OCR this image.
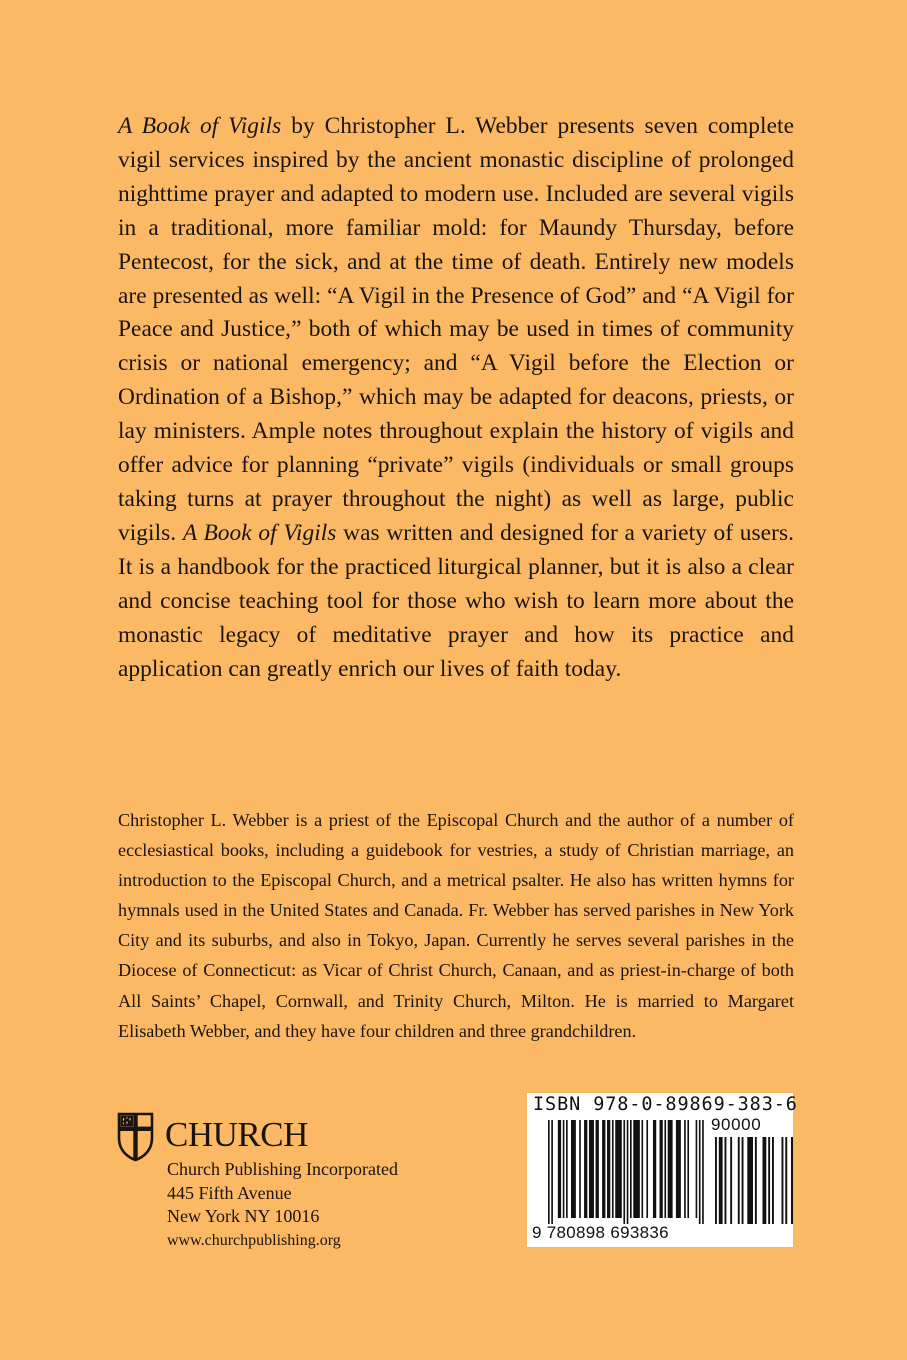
A Book of Vigils by Christopher L. Webber presents seven complete vigil services inspired by the ancient monastic discipline of prolonged nighttime prayer and adapted to modern use. Included are several vigils in a traditional, more familiar mold: for Maundy Thursday, before Pentecost, for the sick, and at the time of death. Entirely new models are presented as well: “A Vigil in the Presence of God” and “A Vigil for Peace and Justice,” both of which may be used in times of community crisis or national emergency; and “A Vigil before the Election or Ordination of a Bishop,” which may be adapted for deacons, priests, or lay ministers. Ample notes throughout explain the history of vigils and offer advice for planning “private” vigils (individuals or small groups taking turns at prayer throughout the night) as well as large, public vigils. A Book of Vigils was written and designed for a variety of users. It is a handbook for the practiced liturgical planner, but it is also a clear and concise teaching tool for those who wish to learn more about the monastic legacy of meditative prayer and how its practice and application can greatly enrich our lives of faith today.

Christopher L. Webber is a priest of the Episcopal Church and the author of a number of ecclesiastical books, including a guidebook for vestries, a study of Christian marriage, an introduction to the Episcopal Church, and a metrical psalter. He also has written hymns for hymnals used in the United States and Canada. Fr. Webber has served parishes in New York City and its suburbs, and also in Tokyo, Japan. Currently he serves several parishes in the Diocese of Connecticut: as Vicar of Christ Church, Canaan, and as priest-in-charge of both All Saints’ Chapel, Cornwall, and Trinity Church, Milton. He is married to Margaret Elisabeth Webber, and they have four children and three grandchildren.

CHURCH
Church Publishing Incorporated
445 Fifth Avenue
New York NY 10016
www.churchpublishing.org
ISBN 978-0-89869-383-6
9 780898 693836
90000
